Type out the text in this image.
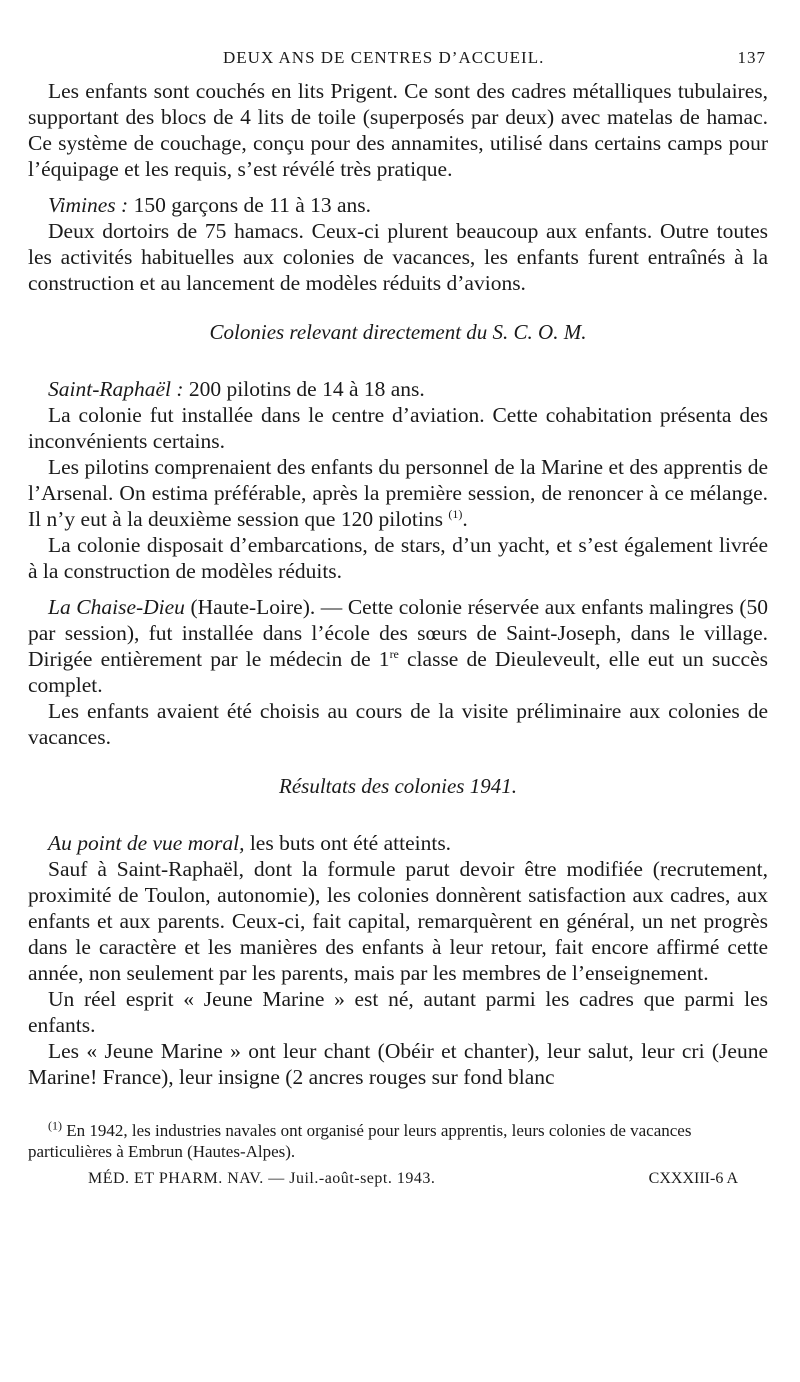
DEUX ANS DE CENTRES D’ACCUEIL.	137

Les enfants sont couchés en lits Prigent. Ce sont des cadres métalliques tubulaires, supportant des blocs de 4 lits de toile (superposés par deux) avec matelas de hamac. Ce système de couchage, conçu pour des annamites, utilisé dans certains camps pour l’équipage et les requis, s’est révélé très pratique.

Vimines : 150 garçons de 11 à 13 ans.

Deux dortoirs de 75 hamacs. Ceux-ci plurent beaucoup aux enfants. Outre toutes les activités habituelles aux colonies de vacances, les enfants furent entraînés à la construction et au lancement de modèles réduits d’avions.

Colonies relevant directement du S. C. O. M.

Saint-Raphaël : 200 pilotins de 14 à 18 ans.

La colonie fut installée dans le centre d’aviation. Cette cohabitation présenta des inconvénients certains.

Les pilotins comprenaient des enfants du personnel de la Marine et des apprentis de l’Arsenal. On estima préférable, après la première session, de renoncer à ce mélange. Il n’y eut à la deuxième session que 120 pilotins $^{(1)}$.

La colonie disposait d’embarcations, de stars, d’un yacht, et s’est également livrée à la construction de modèles réduits.

La Chaise-Dieu (Haute-Loire). — Cette colonie réservée aux enfants malingres (50 par session), fut installée dans l’école des sœurs de Saint-Joseph, dans le village. Dirigée entièrement par le médecin de 1re classe de Dieuleveult, elle eut un succès complet.

Les enfants avaient été choisis au cours de la visite préliminaire aux colonies de vacances.

Résultats des colonies 1941.

Au point de vue moral, les buts ont été atteints.

Sauf à Saint-Raphaël, dont la formule parut devoir être modifiée (recrutement, proximité de Toulon, autonomie), les colonies donnèrent satisfaction aux cadres, aux enfants et aux parents. Ceux-ci, fait capital, remarquèrent en général, un net progrès dans le caractère et les manières des enfants à leur retour, fait encore affirmé cette année, non seulement par les parents, mais par les membres de l’enseignement.

Un réel esprit « Jeune Marine » est né, autant parmi les cadres que parmi les enfants.

Les « Jeune Marine » ont leur chant (Obéir et chanter), leur salut, leur cri (Jeune Marine! France), leur insigne (2 ancres rouges sur fond blanc

$^{(1)}$ En 1942, les industries navales ont organisé pour leurs apprentis, leurs colonies de vacances particulières à Embrun (Hautes-Alpes).

MÉD. ET PHARM. NAV. — Juil.-août-sept. 1943.	CXXXIII-6 A
